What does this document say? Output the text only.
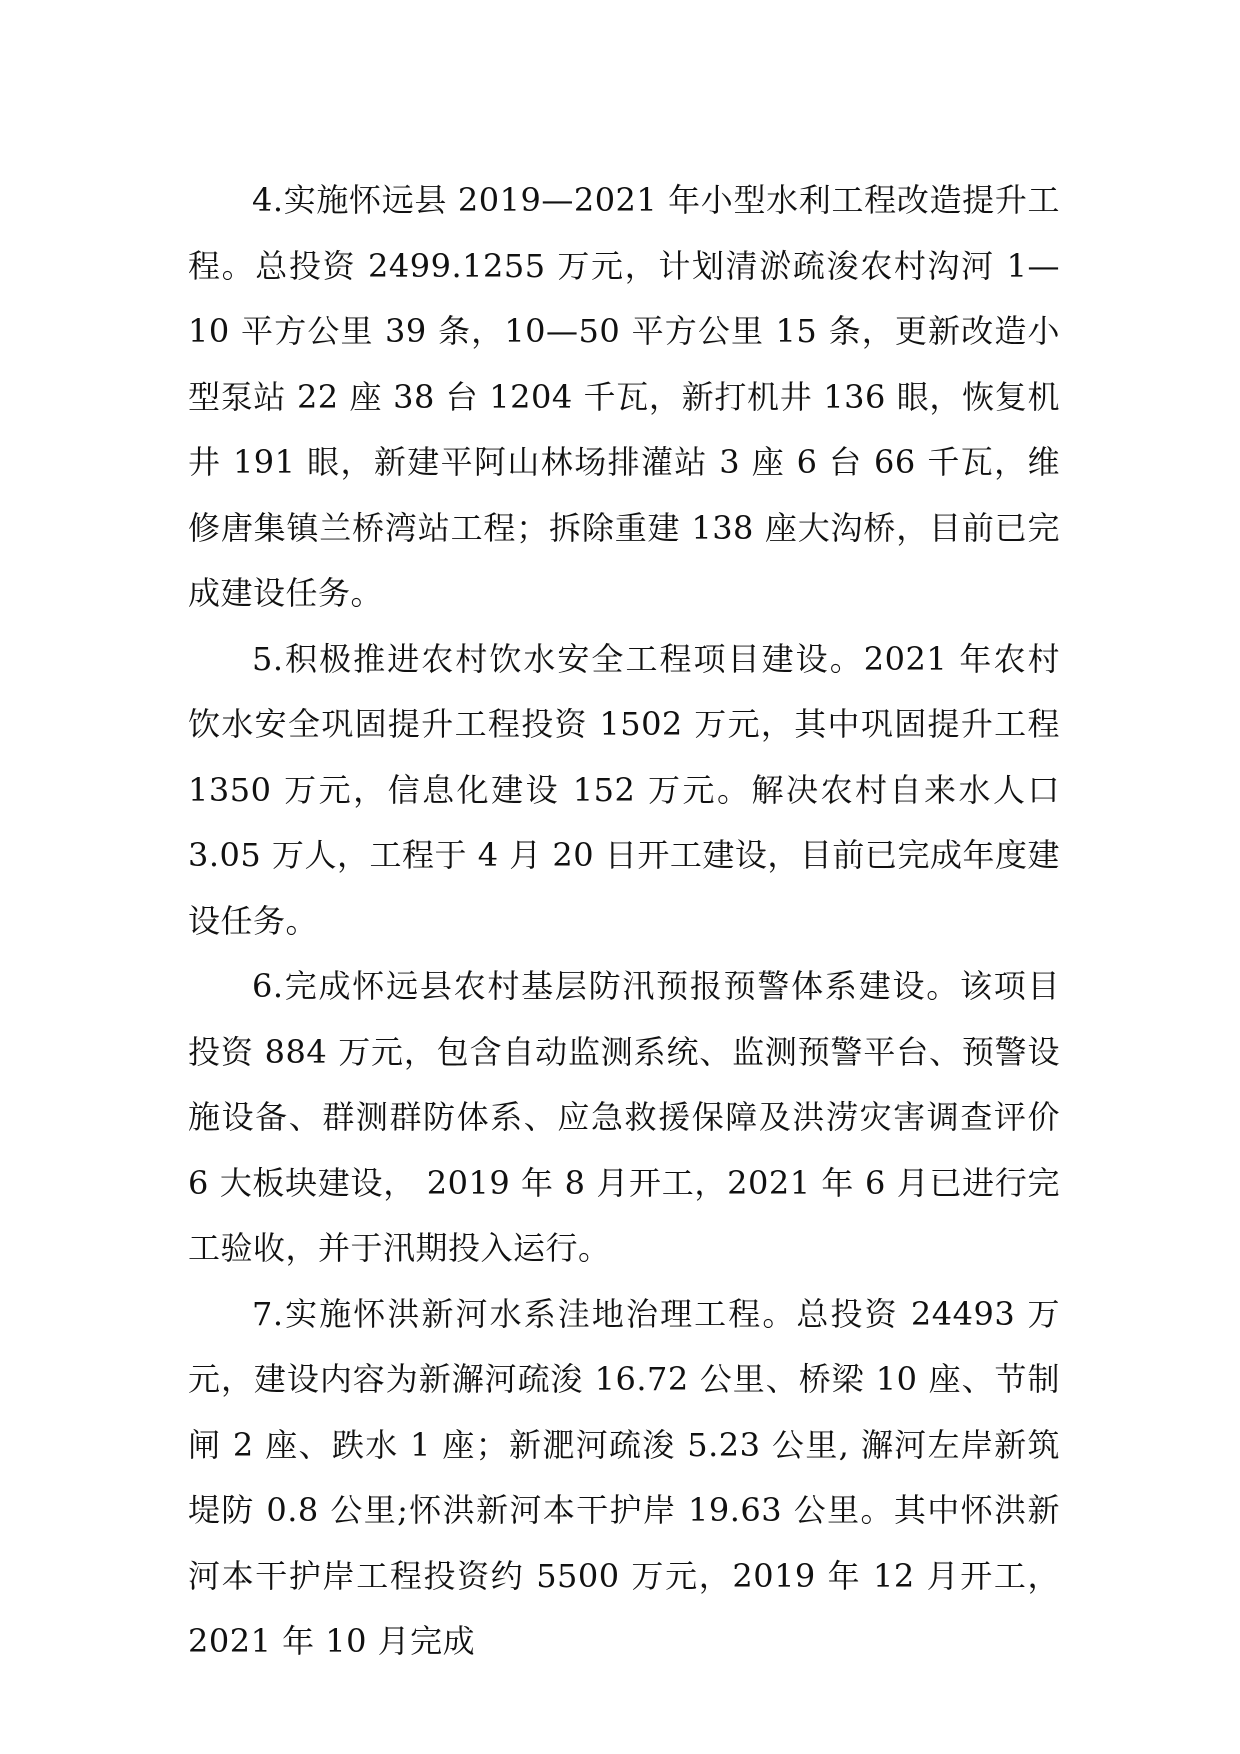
4.实施怀远县 2019—2021 年小型水利工程改造提升工程。总投资 2499.1255 万元，计划清淤疏浚农村沟河 1—10 平方公里 39 条，10—50 平方公里 15 条，更新改造小型泵站 22 座 38 台 1204 千瓦，新打机井 136 眼，恢复机井 191 眼，新建平阿山林场排灌站 3 座 6 台 66 千瓦，维修唐集镇兰桥湾站工程；拆除重建 138 座大沟桥，目前已完成建设任务。

5.积极推进农村饮水安全工程项目建设。2021 年农村饮水安全巩固提升工程投资 1502 万元，其中巩固提升工程 1350 万元，信息化建设 152 万元。解决农村自来水人口 3.05 万人，工程于 4 月 20 日开工建设，目前已完成年度建设任务。

6.完成怀远县农村基层防汛预报预警体系建设。该项目投资 884 万元，包含自动监测系统、监测预警平台、预警设施设备、群测群防体系、应急救援保障及洪涝灾害调查评价 6 大板块建设， 2019 年 8 月开工，2021 年 6 月已进行完工验收，并于汛期投入运行。

7.实施怀洪新河水系洼地治理工程。总投资 24493 万元，建设内容为新澥河疏浚 16.72 公里、桥梁 10 座、节制闸 2 座、跌水 1 座；新淝河疏浚 5.23 公里, 澥河左岸新筑堤防 0.8 公里;怀洪新河本干护岸 19.63 公里。其中怀洪新河本干护岸工程投资约 5500 万元，2019 年 12 月开工， 2021 年 10 月完成
